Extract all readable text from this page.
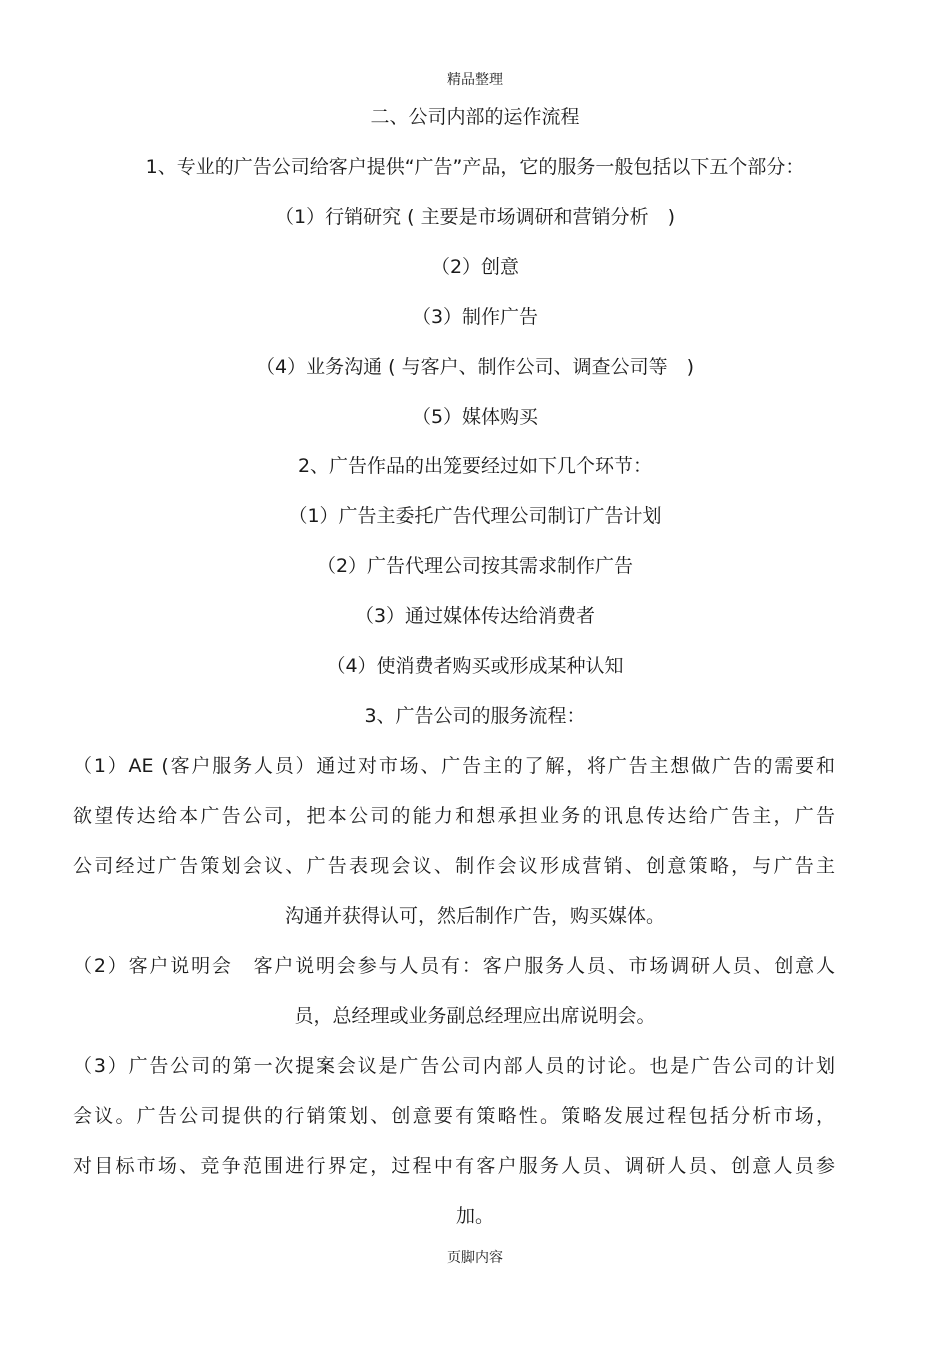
精品整理
二、公司内部的运作流程
1、专业的广告公司给客户提供“广告”产品，它的服务一般包括以下五个部分：
（1）行销研究 ( 主要是市场调研和营销分析　)
（2）创意
（3）制作广告
（4）业务沟通 ( 与客户、制作公司、调查公司等　)
（5）媒体购买
2、广告作品的出笼要经过如下几个环节：
（1）广告主委托广告代理公司制订广告计划
（2）广告代理公司按其需求制作广告
（3）通过媒体传达给消费者
（4）使消费者购买或形成某种认知
3、广告公司的服务流程：
（1）AE (客户服务人员）通过对市场、广告主的了解，将广告主想做广告的需要和
欲望传达给本广告公司，把本公司的能力和想承担业务的讯息传达给广告主，广告
公司经过广告策划会议、广告表现会议、制作会议形成营销、创意策略，与广告主
沟通并获得认可，然后制作广告，购买媒体。
（2）客户说明会　客户说明会参与人员有：客户服务人员、市场调研人员、创意人
员，总经理或业务副总经理应出席说明会。
（3）广告公司的第一次提案会议是广告公司内部人员的讨论。也是广告公司的计划
会议。广告公司提供的行销策划、创意要有策略性。策略发展过程包括分析市场，
对目标市场、竞争范围进行界定，过程中有客户服务人员、调研人员、创意人员参
加。
页脚内容
